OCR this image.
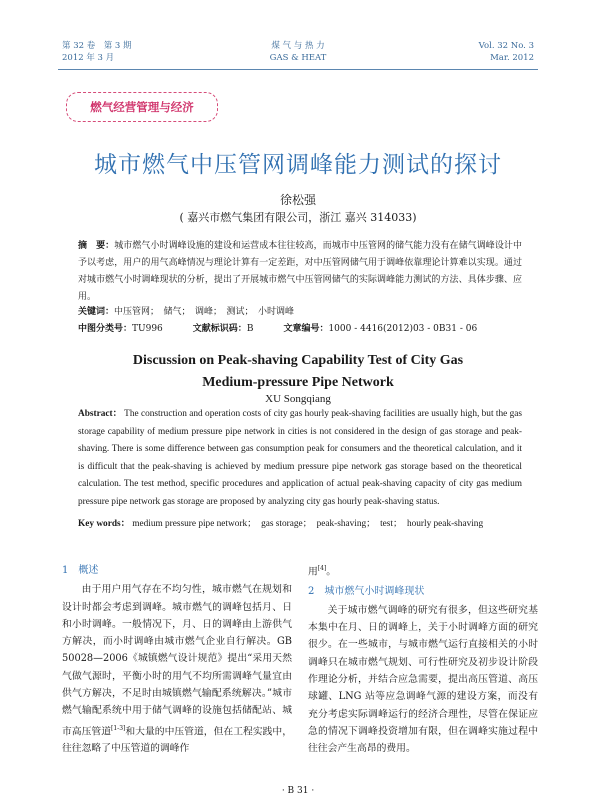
第 32 卷　第 3 期
2012 年 3 月
煤 气 与 热 力
GAS & HEAT
Vol. 32 No. 3
Mar. 2012
燃气经营管理与经济
城市燃气中压管网调峰能力测试的探讨
徐松强
( 嘉兴市燃气集团有限公司，浙江 嘉兴 314033)
摘　要：城市燃气小时调峰设施的建设和运营成本往往较高，而城市中压管网的储气能力没有在储气调峰设计中予以考虑，用户的用气高峰情况与理论计算有一定差距，对中压管网储气用于调峰依靠理论计算难以实现。通过对城市燃气小时调峰现状的分析，提出了开展城市燃气中压管网储气的实际调峰能力测试的方法、具体步骤、应用。
关键词：中压管网；　储气；　调峰；　测试；　小时调峰
中图分类号：TU996	文献标识码：B	文章编号：1000 - 4416(2012)03 - 0B31 - 06
Discussion on Peak-shaving Capability Test of City Gas
Medium-pressure Pipe Network
XU Songqiang
Abstract： The construction and operation costs of city gas hourly peak-shaving facilities are usually high, but the gas storage capability of medium pressure pipe network in cities is not considered in the design of gas storage and peak-shaving. There is some difference between gas consumption peak for consumers and the theoretical calculation, and it is difficult that the peak-shaving is achieved by medium pressure pipe network gas storage based on the theoretical calculation. The test method, specific procedures and application of actual peak-shaving capacity of city gas medium pressure pipe network gas storage are proposed by analyzing city gas hourly peak-shaving status.
Key words： medium pressure pipe network；　gas storage；　peak-shaving；　test；　hourly peak-shaving
1　概述
由于用户用气存在不均匀性，城市燃气在规划和设计时都会考虑到调峰。城市燃气的调峰包括月、日和小时调峰。一般情况下，月、日的调峰由上游供气方解决，而小时调峰由城市燃气企业自行解决。GB 50028—2006《城镇燃气设计规范》提出“采用天然气做气源时，平衡小时的用气不均所需调峰气量宜由供气方解决，不足时由城镇燃气输配系统解决。”城市燃气输配系统中用于储气调峰的设施包括储配站、城市高压管道[1-3]和大量的中压管道，但在工程实践中，往往忽略了中压管道的调峰作
用[4]。
2　城市燃气小时调峰现状
关于城市燃气调峰的研究有很多，但这些研究基本集中在月、日的调峰上，关于小时调峰方面的研究很少。在一些城市，与城市燃气运行直接相关的小时调峰只在城市燃气规划、可行性研究及初步设计阶段作理论分析，并结合应急需要，提出高压管道、高压球罐、LNG 站等应急调峰气源的建设方案，而没有充分考虑实际调峰运行的经济合理性，尽管在保证应急的情况下调峰投资增加有限，但在调峰实施过程中往往会产生高昂的费用。
· B 31 ·
